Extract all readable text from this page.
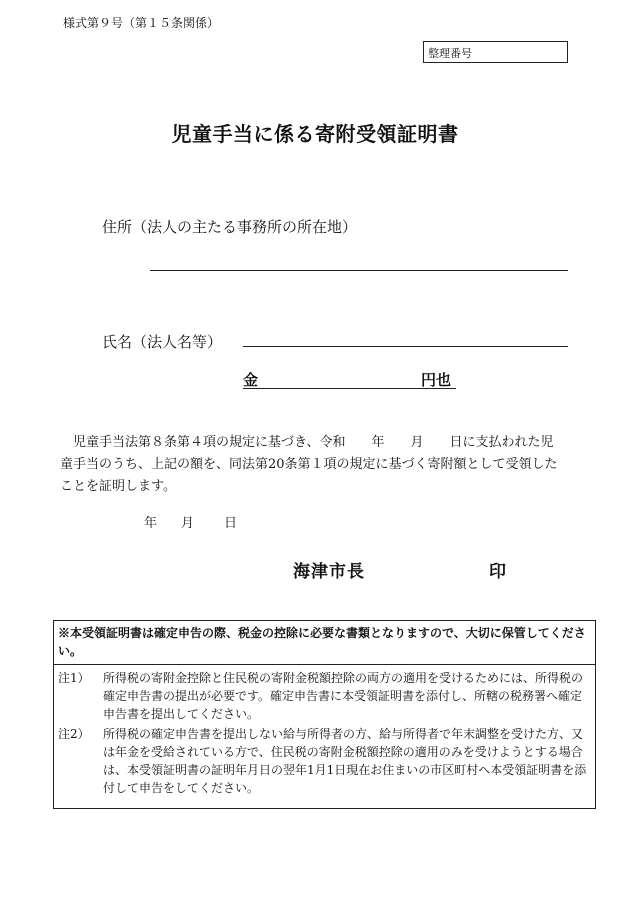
様式第９号（第１５条関係）
整理番号
児童手当に係る寄附受領証明書
住所（法人の主たる事務所の所在地）
氏名（法人名等）
金	円也
児童手当法第８条第４項の規定に基づき、令和　　年　　月　　日に支払われた児
童手当のうち、上記の額を、同法第20条第１項の規定に基づく寄附額として受領した
ことを証明します。
年 月 日
海津市長	印
※本受領証明書は確定申告の際、税金の控除に必要な書類となりますので、大切に保管してください。
注1） 所得税の寄附金控除と住民税の寄附金税額控除の両方の適用を受けるためには、所得税の確定申告書の提出が必要です。確定申告書に本受領証明書を添付し、所轄の税務署へ確定申告書を提出してください。
注2） 所得税の確定申告書を提出しない給与所得者の方、給与所得者で年末調整を受けた方、又は年金を受給されている方で、住民税の寄附金税額控除の適用のみを受けようとする場合は、本受領証明書の証明年月日の翌年1月1日現在お住まいの市区町村へ本受領証明書を添付して申告をしてください。
